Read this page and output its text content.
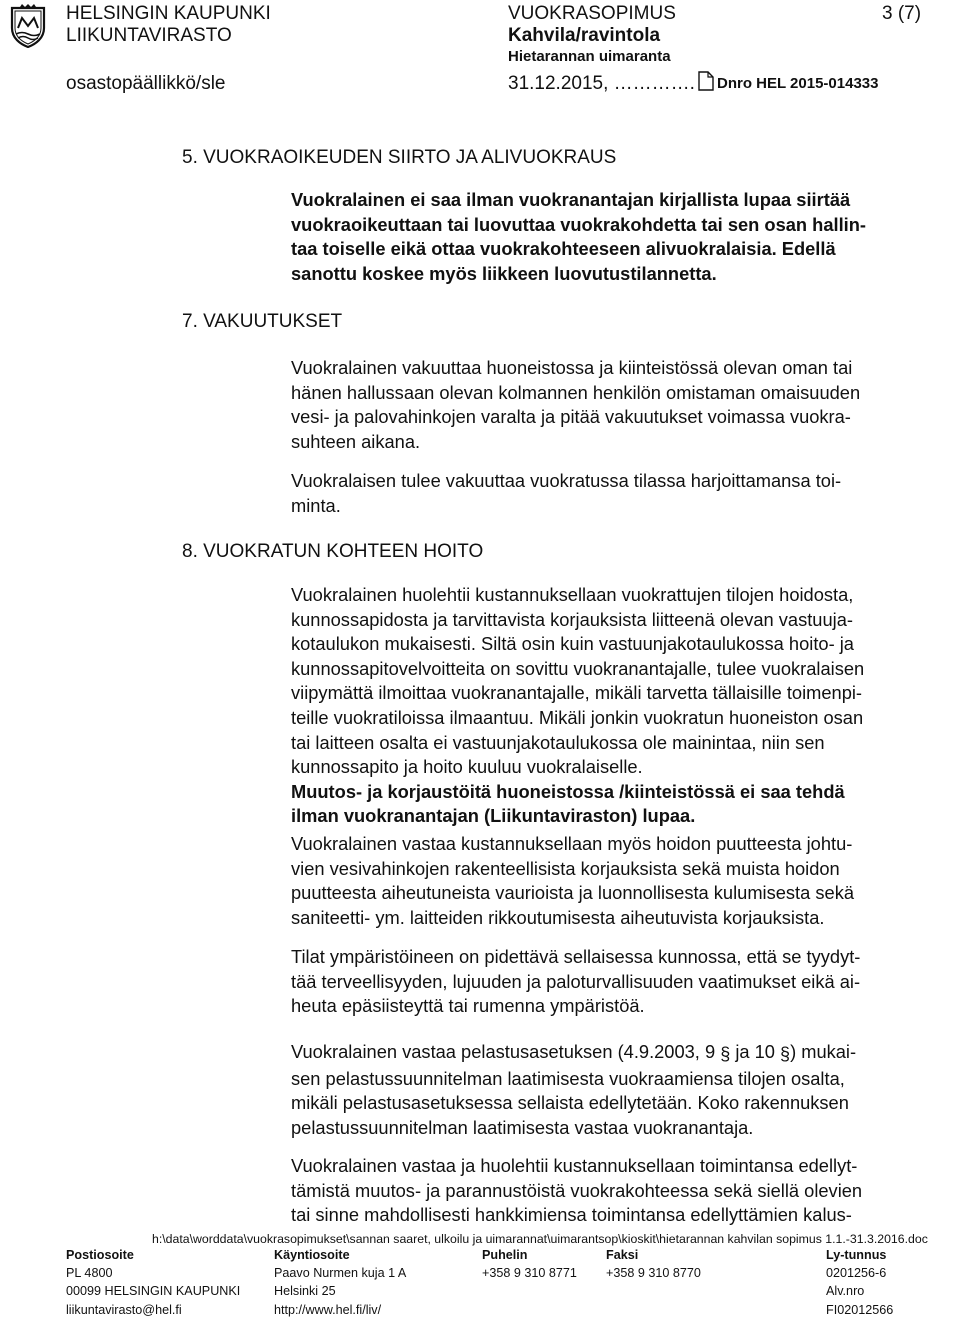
HELSINGIN KAUPUNKI
LIIKUNTAVIRASTO
osastopäällikkö/sle
VUOKRASOPIMUS
Kahvila/ravintola
Hietarannan uimaranta
31.12.2015, ………….
3 (7)
Dnro HEL 2015-014333
5. VUOKRAOIKEUDEN SIIRTO JA ALIVUOKRAUS
Vuokralainen ei saa ilman vuokranantajan kirjallista lupaa siirtää
vuokraoikeuttaan tai luovuttaa vuokrakohdetta tai sen osan hallin-
taa toiselle eikä ottaa vuokrakohteeseen alivuokralaisia. Edellä
sanottu koskee myös liikkeen luovutustilannetta.
7. VAKUUTUKSET
Vuokralainen vakuuttaa huoneistossa ja kiinteistössä olevan oman tai
hänen hallussaan olevan kolmannen henkilön omistaman omaisuuden
vesi- ja palovahinkojen varalta ja pitää vakuutukset voimassa vuokra-
suhteen aikana.
Vuokralaisen tulee vakuuttaa vuokratussa tilassa harjoittamansa toi-
minta.
8. VUOKRATUN KOHTEEN HOITO
Vuokralainen huolehtii kustannuksellaan vuokrattujen tilojen hoidosta,
kunnossapidosta ja tarvittavista korjauksista liitteenä olevan vastuuja-
kotaulukon mukaisesti. Siltä osin kuin vastuunjakotaulukossa hoito- ja
kunnossapitovelvoitteita on sovittu vuokranantajalle, tulee vuokralaisen
viipymättä ilmoittaa vuokranantajalle, mikäli tarvetta tällaisille toimenpi-
teille vuokratiloissa ilmaantuu. Mikäli jonkin vuokratun huoneiston osan
tai laitteen osalta ei vastuunjakotaulukossa ole mainintaa, niin sen
kunnossapito ja hoito kuuluu vuokralaiselle.
Muutos- ja korjaustöitä huoneistossa /kiinteistössä ei saa tehdä
ilman vuokranantajan (Liikuntaviraston) lupaa.
Vuokralainen vastaa kustannuksellaan myös hoidon puutteesta johtu-
vien vesivahinkojen rakenteellisista korjauksista sekä muista hoidon
puutteesta aiheutuneista vaurioista ja luonnollisesta kulumisesta sekä
saniteetti- ym. laitteiden rikkoutumisesta aiheutuvista korjauksista.
Tilat ympäristöineen on pidettävä sellaisessa kunnossa, että se tyydyt-
tää terveellisyyden, lujuuden ja paloturvallisuuden vaatimukset eikä ai-
heuta epäsiisteyttä tai rumenna ympäristöä.
Vuokralainen vastaa pelastusasetuksen (4.9.2003, 9 § ja 10 §) mukai-
sen pelastussuunnitelman laatimisesta vuokraamiensa tilojen osalta,
mikäli pelastusasetuksessa sellaista edellytetään. Koko rakennuksen
pelastussuunnitelman laatimisesta vastaa vuokranantaja.
Vuokralainen vastaa ja huolehtii kustannuksellaan toimintansa edellyt-
tämistä muutos- ja parannustöistä vuokrakohteessa sekä siellä olevien
tai sinne mahdollisesti hankkimiensa toimintansa edellyttämien kalus-
h:\data\worddata\vuokrasopimukset\sannan saaret, ulkoilu ja uimarannat\uimarantsop\kioskit\hietarannan kahvilan sopimus 1.1.-31.3.2016.doc
Postiosoite
PL 4800
00099 HELSINGIN KAUPUNKI
liikuntavirasto@hel.fi
Käyntiosoite
Paavo Nurmen kuja 1 A
Helsinki 25
http://www.hel.fi/liv/
Puhelin
+358 9 310 8771
Faksi
+358 9 310 8770
Ly-tunnus
0201256-6
Alv.nro
FI02012566
